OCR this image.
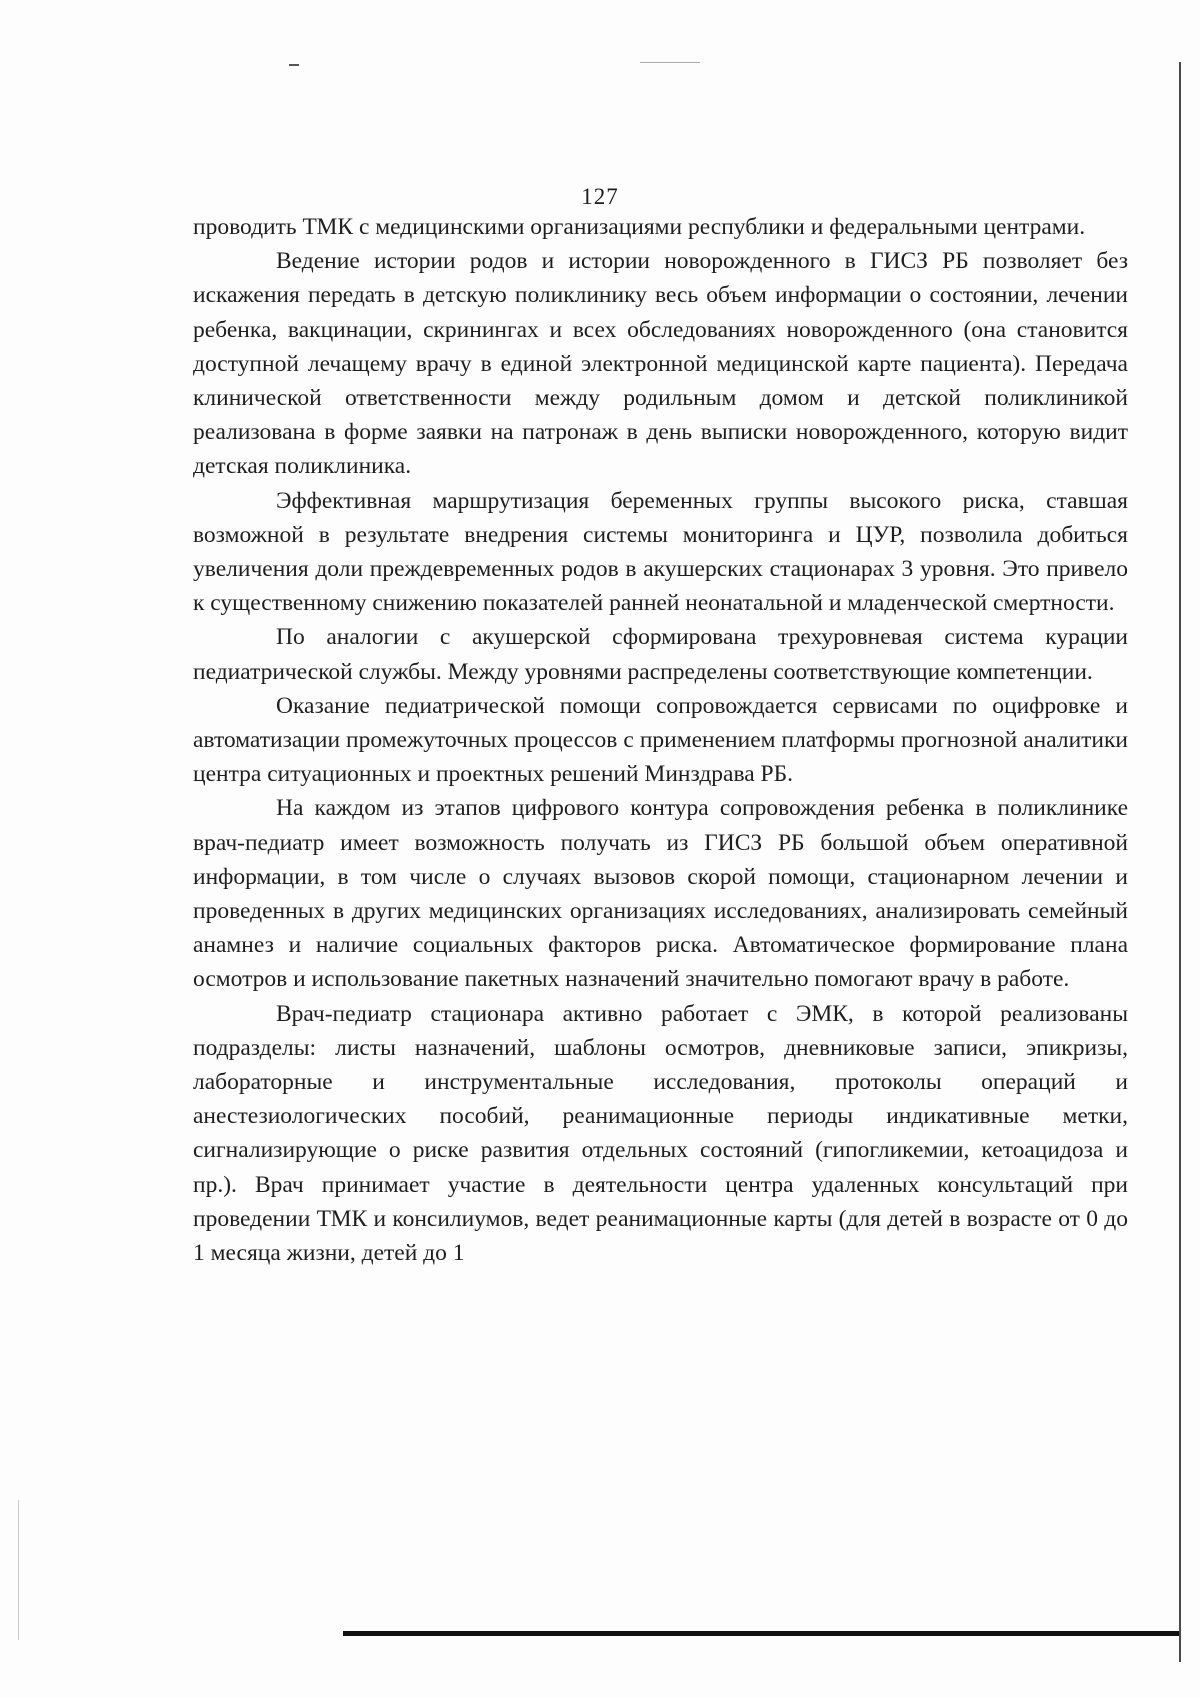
127

проводить ТМК с медицинскими организациями республики и федеральными центрами.

Ведение истории родов и истории новорожденного в ГИСЗ РБ позволяет без искажения передать в детскую поликлинику весь объем информации о состоянии, лечении ребенка, вакцинации, скринингах и всех обследованиях новорожденного (она становится доступной лечащему врачу в единой электронной медицинской карте пациента). Передача клинической ответственности между родильным домом и детской поликлиникой реализована в форме заявки на патронаж в день выписки новорожденного, которую видит детская поликлиника.

Эффективная маршрутизация беременных группы высокого риска, ставшая возможной в результате внедрения системы мониторинга и ЦУР, позволила добиться увеличения доли преждевременных родов в акушерских стационарах 3 уровня. Это привело к существенному снижению показателей ранней неонатальной и младенческой смертности.

По аналогии с акушерской сформирована трехуровневая система курации педиатрической службы. Между уровнями распределены соответствующие компетенции.

Оказание педиатрической помощи сопровождается сервисами по оцифровке и автоматизации промежуточных процессов с применением платформы прогнозной аналитики центра ситуационных и проектных решений Минздрава РБ.

На каждом из этапов цифрового контура сопровождения ребенка в поликлинике врач-педиатр имеет возможность получать из ГИСЗ РБ большой объем оперативной информации, в том числе о случаях вызовов скорой помощи, стационарном лечении и проведенных в других медицинских организациях исследованиях, анализировать семейный анамнез и наличие социальных факторов риска. Автоматическое формирование плана осмотров и использование пакетных назначений значительно помогают врачу в работе.

Врач-педиатр стационара активно работает с ЭМК, в которой реализованы подразделы: листы назначений, шаблоны осмотров, дневниковые записи, эпикризы, лабораторные и инструментальные исследования, протоколы операций и анестезиологических пособий, реанимационные периоды индикативные метки, сигнализирующие о риске развития отдельных состояний (гипогликемии, кетоацидоза и пр.). Врач принимает участие в деятельности центра удаленных консультаций при проведении ТМК и консилиумов, ведет реанимационные карты (для детей в возрасте от 0 до 1 месяца жизни, детей до 1
